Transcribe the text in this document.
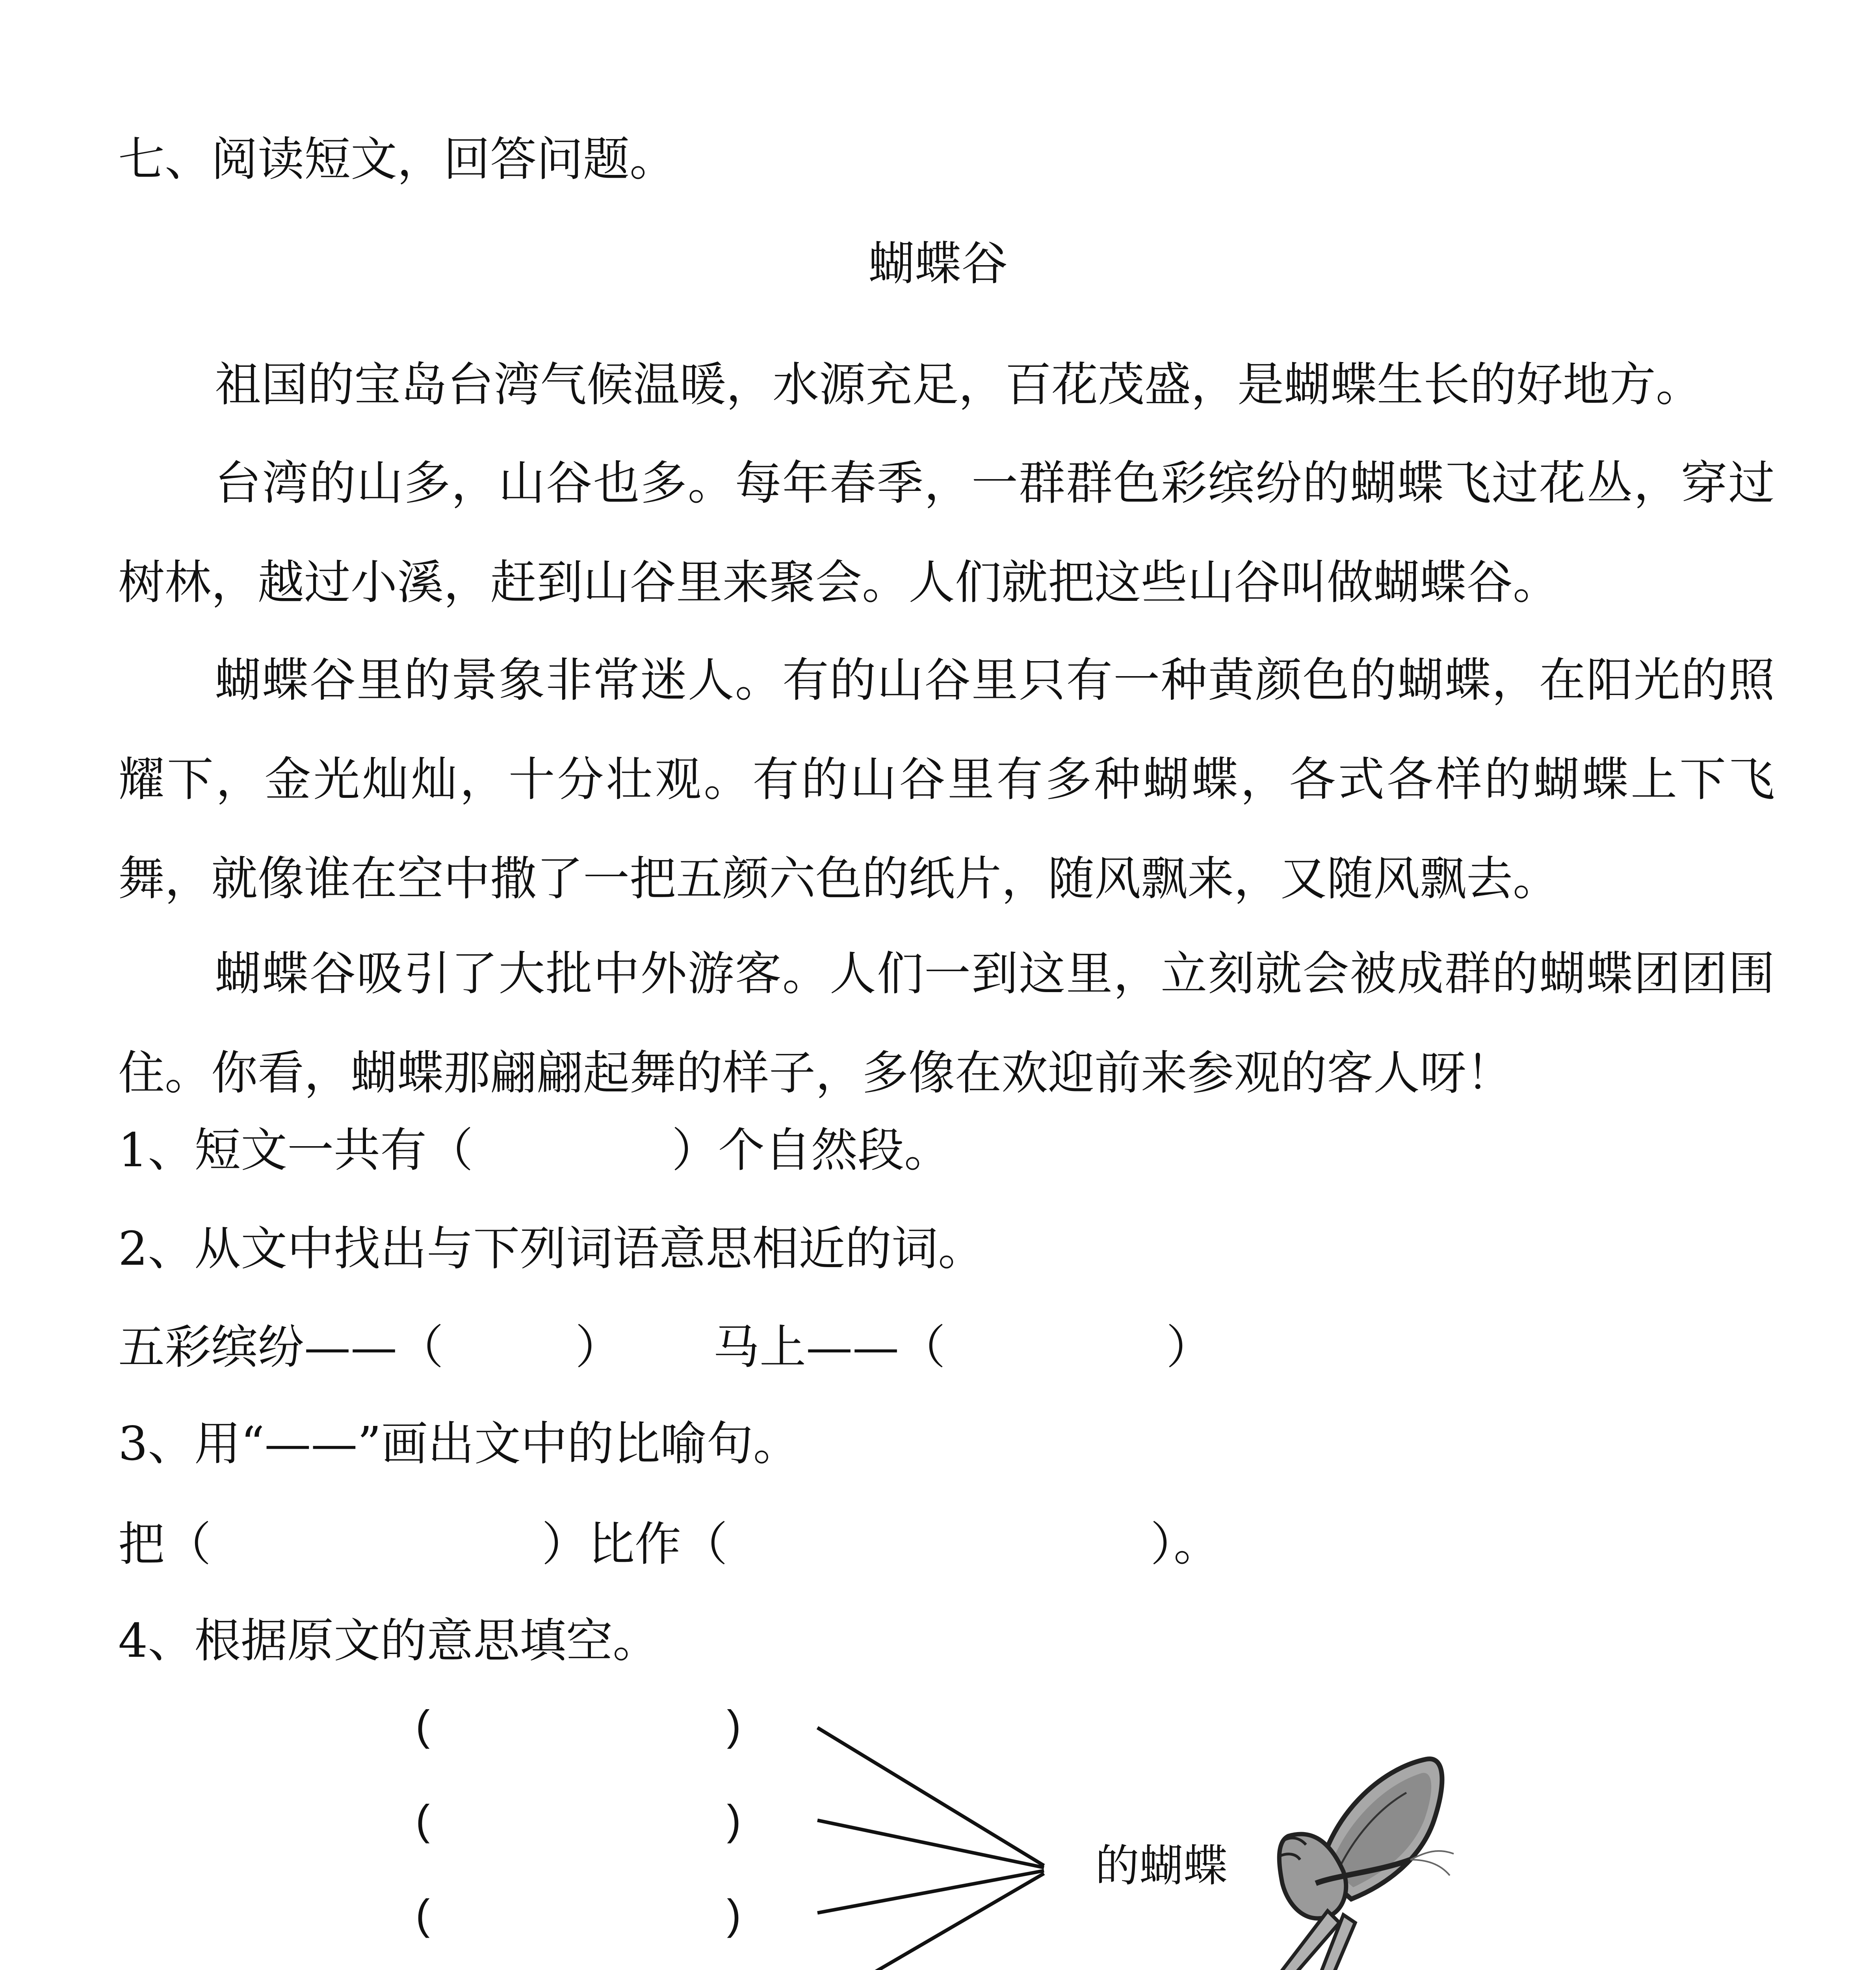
七、阅读短文，回答问题。

蝴蝶谷

祖国的宝岛台湾气候温暖，水源充足，百花茂盛，是蝴蝶生长的好地方。

台湾的山多，山谷也多。每年春季，一群群色彩缤纷的蝴蝶飞过花丛，穿过树林，越过小溪，赶到山谷里来聚会。人们就把这些山谷叫做蝴蝶谷。

蝴蝶谷里的景象非常迷人。有的山谷里只有一种黄颜色的蝴蝶，在阳光的照耀下，金光灿灿，十分壮观。有的山谷里有多种蝴蝶，各式各样的蝴蝶上下飞舞，就像谁在空中撒了一把五颜六色的纸片，随风飘来，又随风飘去。

蝴蝶谷吸引了大批中外游客。人们一到这里，立刻就会被成群的蝴蝶团团围住。你看，蝴蝶那翩翩起舞的样子，多像在欢迎前来参观的客人呀！

1、短文一共有（	）个自然段。
2、从文中找出与下列词语意思相近的词。
五彩缤纷——（	） 马上——（	）
3、用“——”画出文中的比喻句。
把（	）比作（	）。
4、根据原文的意思填空。
(	)
(	)
(	)
的蝴蝶
